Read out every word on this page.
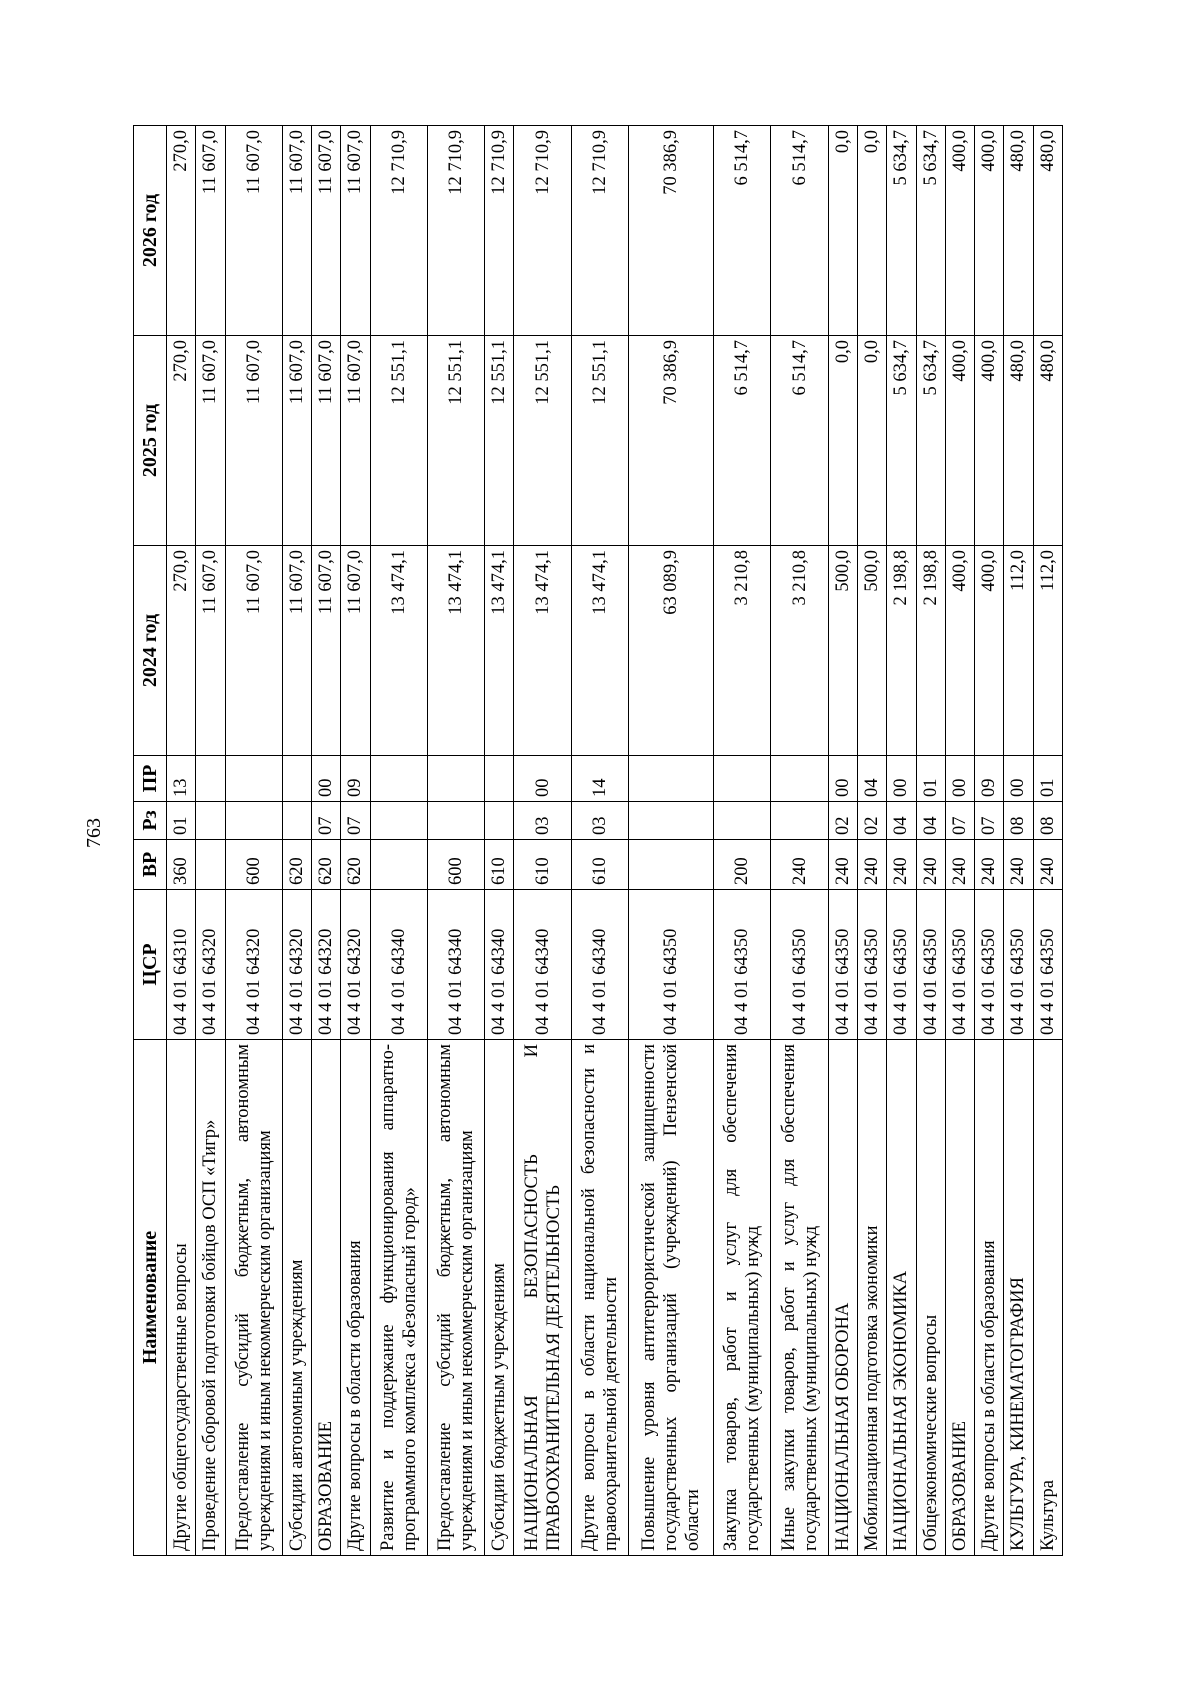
763
Наименование	ЦСР	ВР	Рз	ПР	2024 год	2025 год	2026 год
Другие общегосударственные вопросы	04 4 01 64310	360	01	13	270,0	270,0	270,0
Проведение сборовой подготовки бойцов ОСП «Тигр»	04 4 01 64320				11 607,0	11 607,0	11 607,0
Предоставление субсидий бюджетным, автономным учреждениям и иным некоммерческим организациям	04 4 01 64320	600			11 607,0	11 607,0	11 607,0
Субсидии автономным учреждениям	04 4 01 64320	620			11 607,0	11 607,0	11 607,0
ОБРАЗОВАНИЕ	04 4 01 64320	620	07	00	11 607,0	11 607,0	11 607,0
Другие вопросы в области образования	04 4 01 64320	620	07	09	11 607,0	11 607,0	11 607,0
Развитие и поддержание функционирования аппаратно-программного комплекса «Безопасный город»	04 4 01 64340				13 474,1	12 551,1	12 710,9
Предоставление субсидий бюджетным, автономным учреждениям и иным некоммерческим организациям	04 4 01 64340	600			13 474,1	12 551,1	12 710,9
Субсидии бюджетным учреждениям	04 4 01 64340	610			13 474,1	12 551,1	12 710,9
НАЦИОНАЛЬНАЯ БЕЗОПАСНОСТЬ И ПРАВООХРАНИТЕЛЬНАЯ ДЕЯТЕЛЬНОСТЬ	04 4 01 64340	610	03	00	13 474,1	12 551,1	12 710,9
Другие вопросы в области национальной безопасности и правоохранительной деятельности	04 4 01 64340	610	03	14	13 474,1	12 551,1	12 710,9
Повышение уровня антитеррористической защищенности государственных организаций (учреждений) Пензенской области	04 4 01 64350				63 089,9	70 386,9	70 386,9
Закупка товаров, работ и услуг для обеспечения государственных (муниципальных) нужд	04 4 01 64350	200			3 210,8	6 514,7	6 514,7
Иные закупки товаров, работ и услуг для обеспечения государственных (муниципальных) нужд	04 4 01 64350	240			3 210,8	6 514,7	6 514,7
НАЦИОНАЛЬНАЯ ОБОРОНА	04 4 01 64350	240	02	00	500,0	0,0	0,0
Мобилизационная подготовка экономики	04 4 01 64350	240	02	04	500,0	0,0	0,0
НАЦИОНАЛЬНАЯ ЭКОНОМИКА	04 4 01 64350	240	04	00	2 198,8	5 634,7	5 634,7
Общеэкономические вопросы	04 4 01 64350	240	04	01	2 198,8	5 634,7	5 634,7
ОБРАЗОВАНИЕ	04 4 01 64350	240	07	00	400,0	400,0	400,0
Другие вопросы в области образования	04 4 01 64350	240	07	09	400,0	400,0	400,0
КУЛЬТУРА, КИНЕМАТОГРАФИЯ	04 4 01 64350	240	08	00	112,0	480,0	480,0
Культура	04 4 01 64350	240	08	01	112,0	480,0	480,0
